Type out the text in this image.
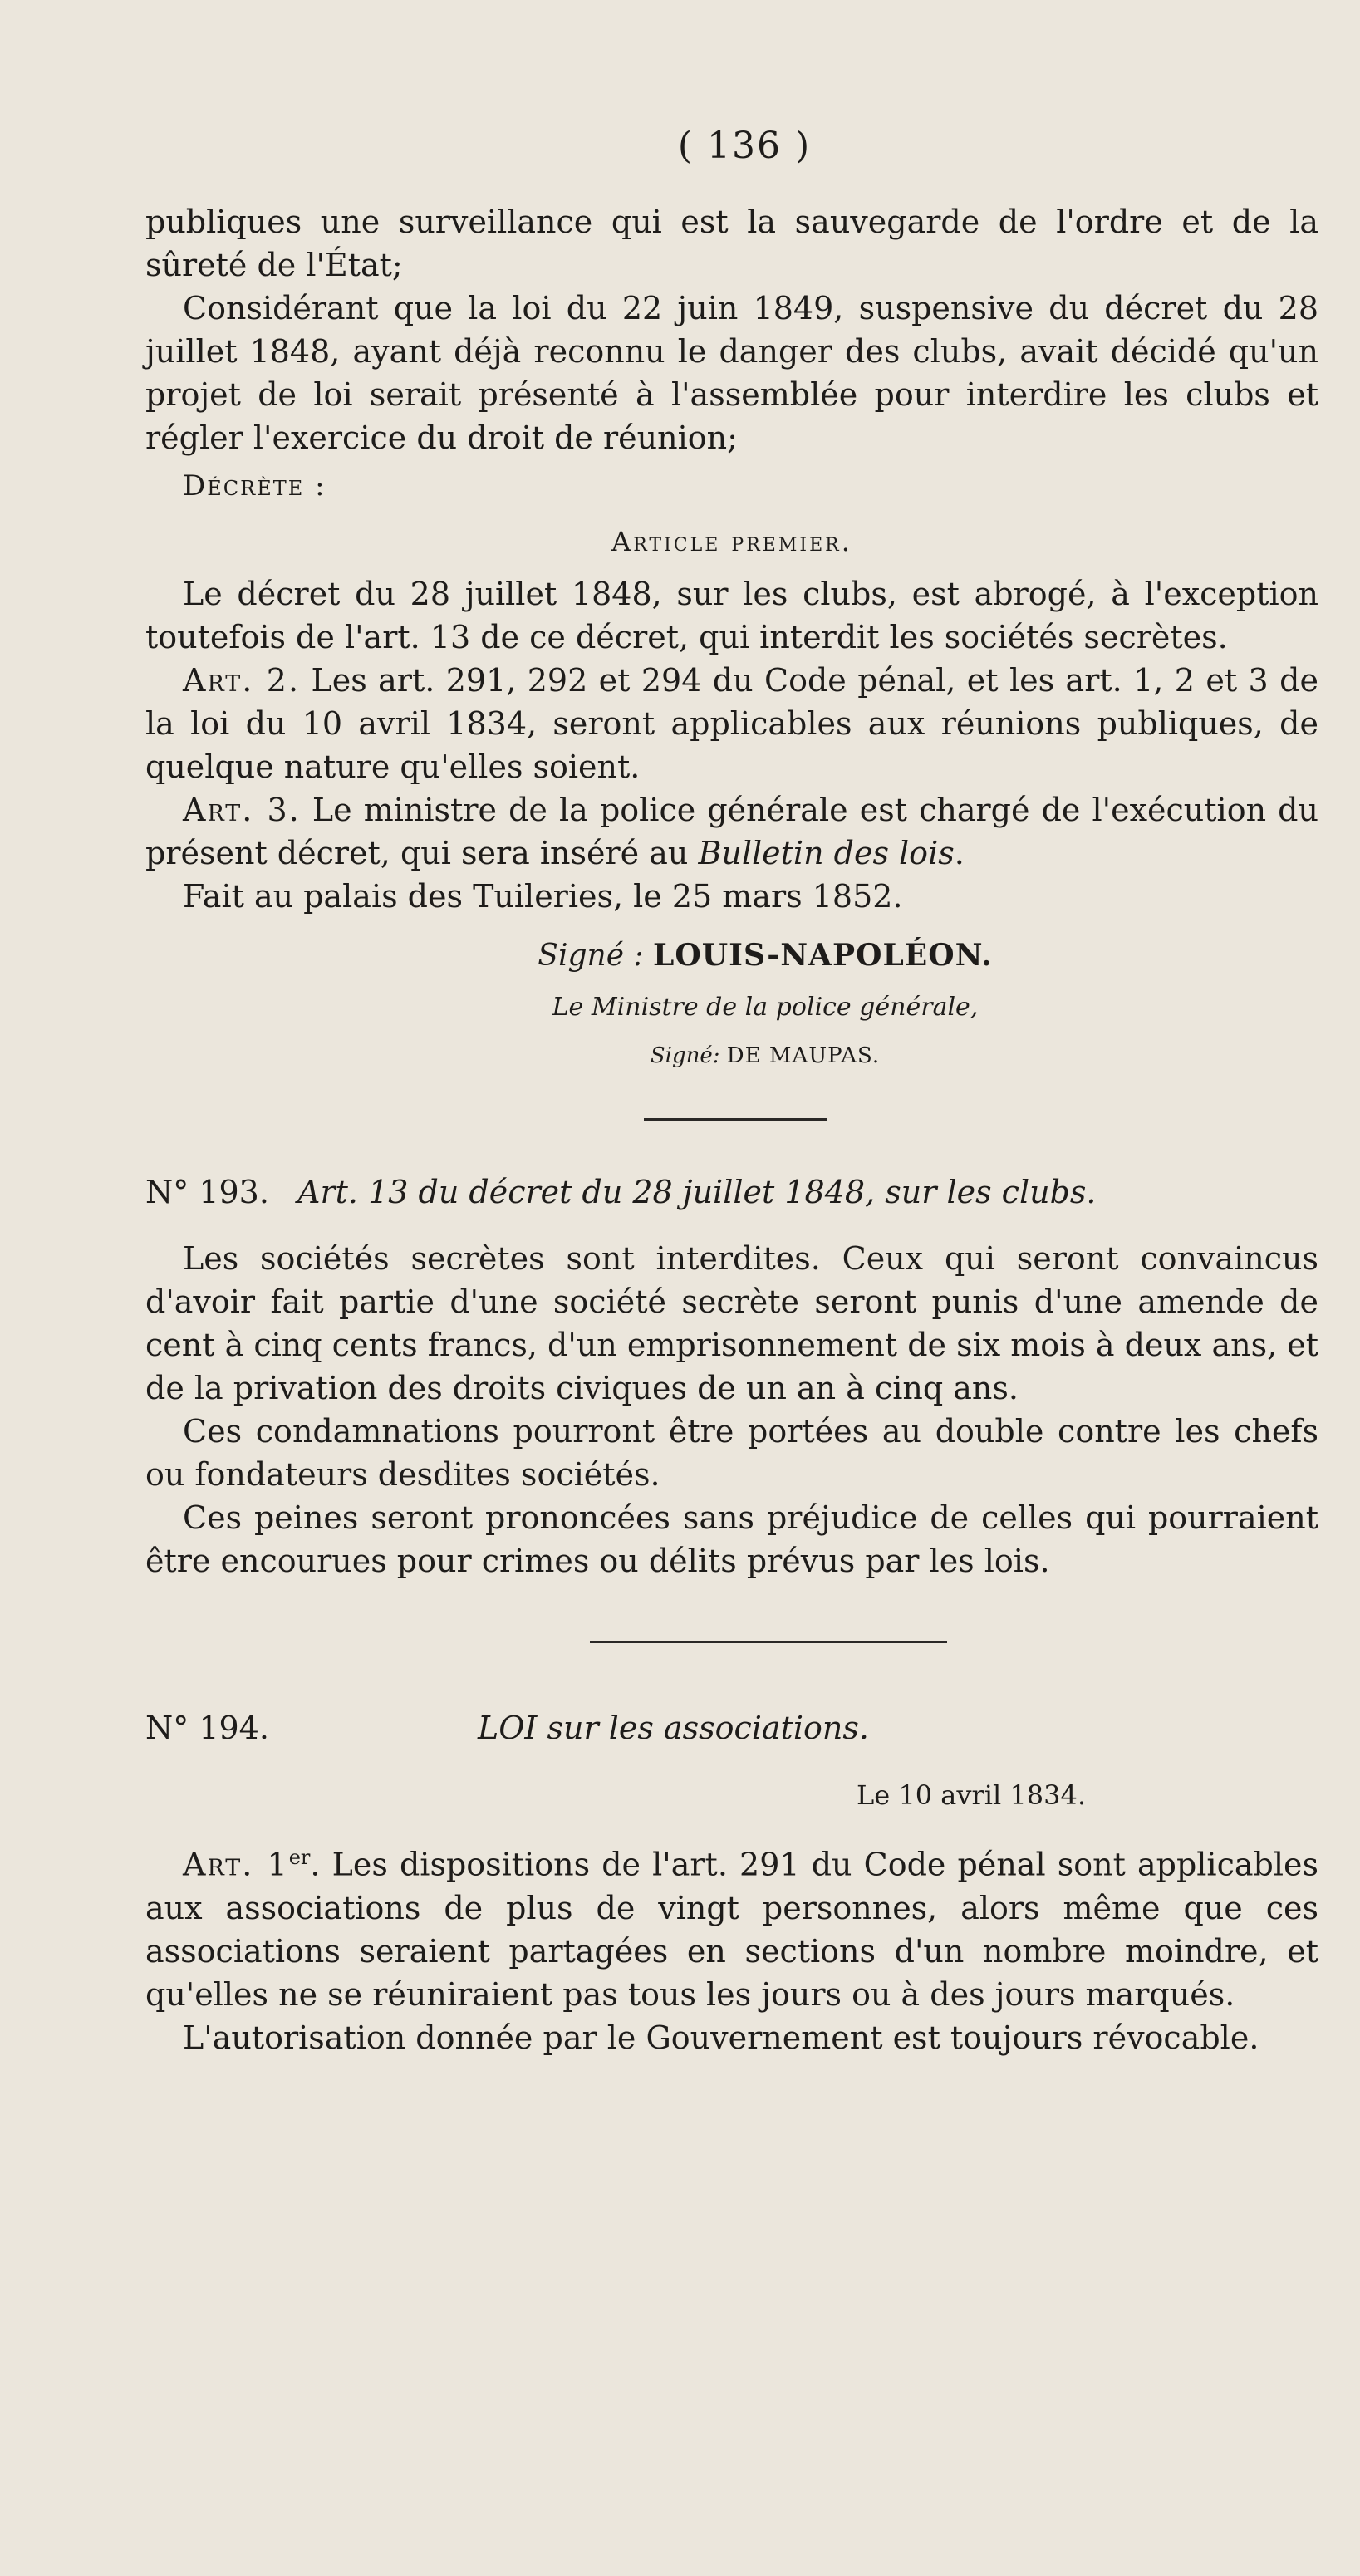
( 136 )

publiques une surveillance qui est la sauvegarde de l'ordre et de la sûreté de l'État;

Considérant que la loi du 22 juin 1849, suspensive du décret du 28 juillet 1848, ayant déjà reconnu le danger des clubs, avait décidé qu'un projet de loi serait présenté à l'assemblée pour interdire les clubs et régler l'exercice du droit de réunion;

Décrète :

Article premier.

Le décret du 28 juillet 1848, sur les clubs, est abrogé, à l'exception toutefois de l'art. 13 de ce décret, qui interdit les sociétés secrètes.

Art. 2. Les art. 291, 292 et 294 du Code pénal, et les art. 1, 2 et 3 de la loi du 10 avril 1834, seront applicables aux réunions publiques, de quelque nature qu'elles soient.

Art. 3. Le ministre de la police générale est chargé de l'exécution du présent décret, qui sera inséré au Bulletin des lois.

Fait au palais des Tuileries, le 25 mars 1852.

Signé : LOUIS-NAPOLÉON.
Le Ministre de la police générale,
Signé: DE MAUPAS.
N° 193. Art. 13 du décret du 28 juillet 1848, sur les clubs.

Les sociétés secrètes sont interdites. Ceux qui seront convaincus d'avoir fait partie d'une société secrète seront punis d'une amende de cent à cinq cents francs, d'un emprisonnement de six mois à deux ans, et de la privation des droits civiques de un an à cinq ans.

Ces condamnations pourront être portées au double contre les chefs ou fondateurs desdites sociétés.

Ces peines seront prononcées sans préjudice de celles qui pourraient être encourues pour crimes ou délits prévus par les lois.

N° 194.	LOI sur les associations.
Le 10 avril 1834.

Art. 1er. Les dispositions de l'art. 291 du Code pénal sont applicables aux associations de plus de vingt personnes, alors même que ces associations seraient partagées en sections d'un nombre moindre, et qu'elles ne se réuniraient pas tous les jours ou à des jours marqués.

L'autorisation donnée par le Gouvernement est toujours révocable.
